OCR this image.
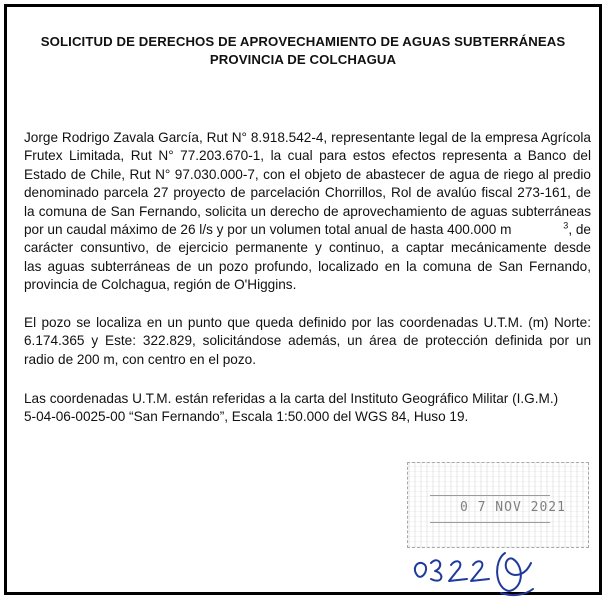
SOLICITUD DE DERECHOS DE APROVECHAMIENTO DE AGUAS SUBTERRÁNEAS
PROVINCIA DE COLCHAGUA
Jorge Rodrigo Zavala García, Rut N° 8.918.542-4, representante legal de la empresa Agrícola
Frutex Limitada, Rut N° 77.203.670-1, la cual para estos efectos representa a Banco del
Estado de Chile, Rut N° 97.030.000-7, con el objeto de abastecer de agua de riego al predio
denominado parcela 27 proyecto de parcelación Chorrillos, Rol de avalúo fiscal 273-161, de
la comuna de San Fernando, solicita un derecho de aprovechamiento de aguas subterráneas
por un caudal máximo de 26 l/s y por un volumen total anual de hasta 400.000 m	$^3$, de
carácter consuntivo, de ejercicio permanente y continuo, a captar mecánicamente desde
las aguas subterráneas de un pozo profundo, localizado en la comuna de San Fernando,
provincia de Colchagua, región de O'Higgins.
El pozo se localiza en un punto que queda definido por las coordenadas U.T.M. (m) Norte:
6.174.365 y Este: 322.829, solicitándose además, un área de protección definida por un
radio de 200 m, con centro en el pozo.
Las coordenadas U.T.M. están referidas a la carta del Instituto Geográfico Militar (I.G.M.)
5-04-06-0025-00 “San Fernando”, Escala 1:50.000 del WGS 84, Huso 19.
0 7 NOV 2021
